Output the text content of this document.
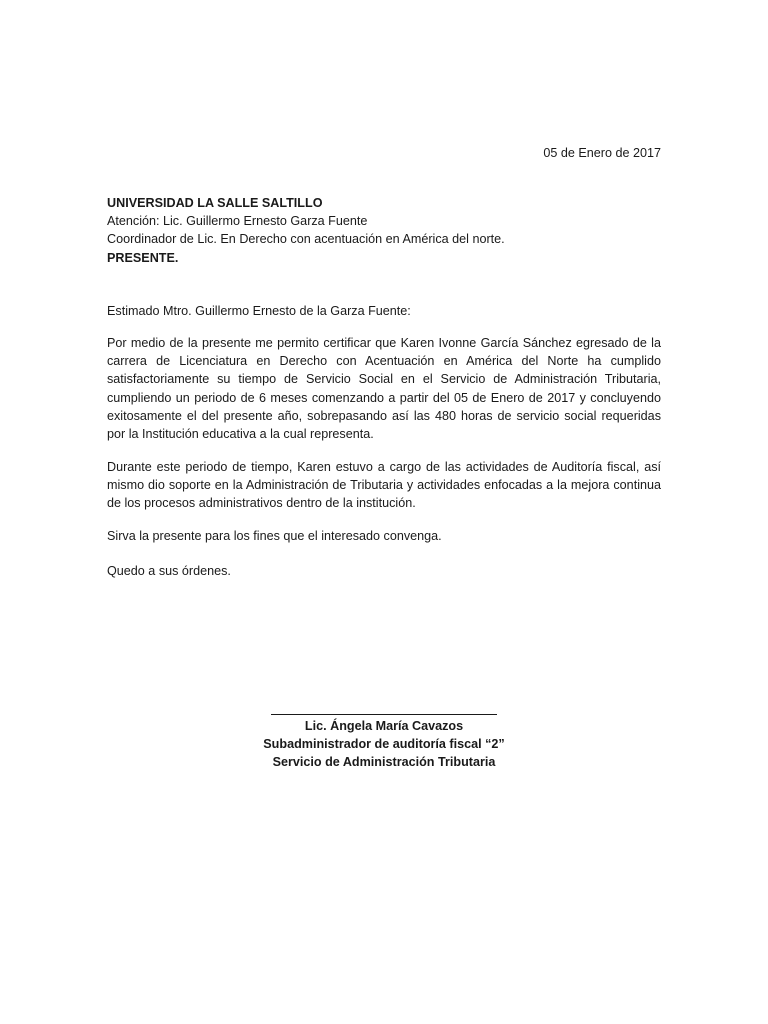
05 de Enero de 2017
UNIVERSIDAD LA SALLE SALTILLO
Atención: Lic. Guillermo Ernesto Garza Fuente
Coordinador de Lic. En Derecho con acentuación en América del norte.
PRESENTE.
Estimado Mtro. Guillermo Ernesto de la Garza Fuente:

Por medio de la presente me permito certificar que Karen Ivonne García Sánchez egresado de la carrera de Licenciatura en Derecho con Acentuación en América del Norte ha cumplido satisfactoriamente su tiempo de Servicio Social en el Servicio de Administración Tributaria, cumpliendo un periodo de 6 meses comenzando a partir del 05 de Enero de 2017 y concluyendo exitosamente el del presente año, sobrepasando así las 480 horas de servicio social requeridas por la Institución educativa a la cual representa.

Durante este periodo de tiempo, Karen estuvo a cargo de las actividades de Auditoría fiscal, así mismo dio soporte en la Administración de Tributaria y actividades enfocadas a la mejora continua de los procesos administrativos dentro de la institución.

Sirva la presente para los fines que el interesado convenga.

Quedo a sus órdenes.

Lic. Ángela María Cavazos
Subadministrador de auditoría fiscal “2”
Servicio de Administración Tributaria
